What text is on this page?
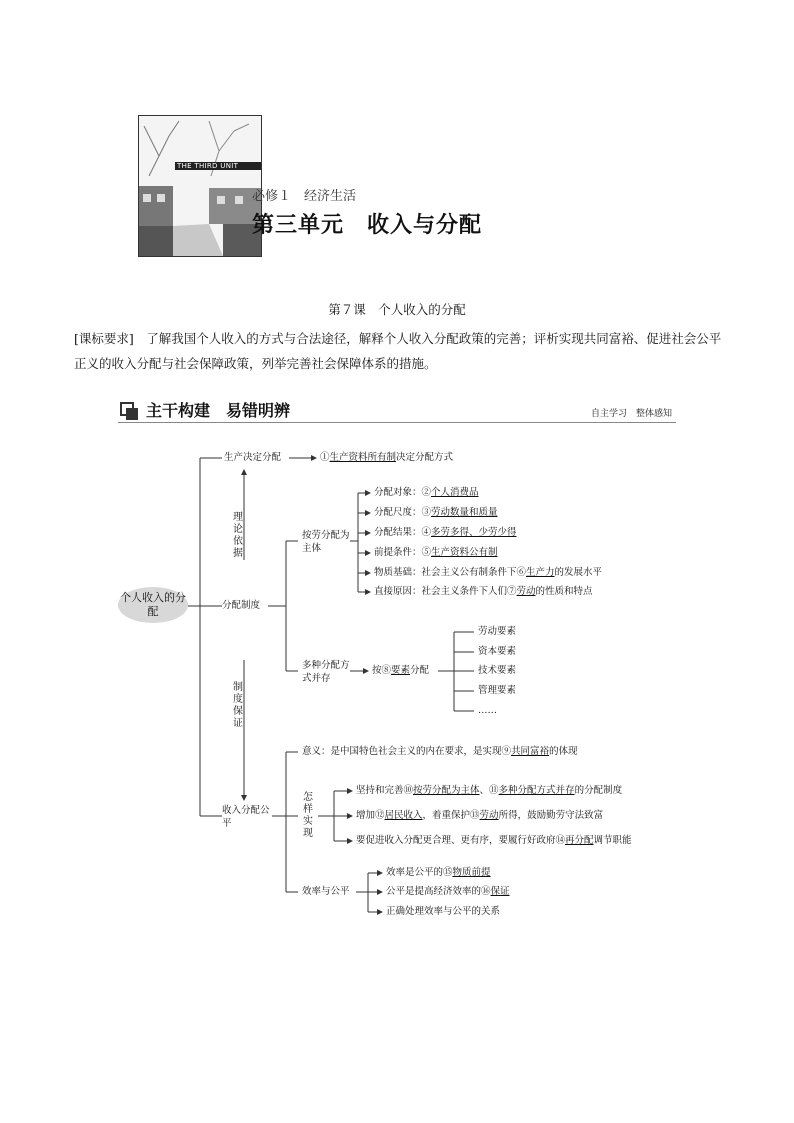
THE THIRD UNIT
必修１　经济生活
第三单元　收入与分配
第７课　个人收入的分配
[课标要求]　 了解我国个人收入的方式与合法途径，解释个人收入分配政策的完善；评析实现共同富裕、促进社会公平正义的收入分配与社会保障政策，列举完善社会保障体系的措施。
主干构建　易错明辨	自主学习　整体感知
个人收入的分配
生产决定分配	①生产资料所有制决定分配方式
理论依据
制度保证
分配制度
按劳分配为主体
分配对象：②个人消费品
分配尺度：③劳动数量和质量
分配结果：④多劳多得、少劳少得
前提条件：⑤生产资料公有制
物质基础：社会主义公有制条件下⑥生产力的发展水平
直接原因：社会主义条件下人们⑦劳动的性质和特点
多种分配方式并存
按⑧要素分配
劳动要素
资本要素
技术要素
管理要素
……
收入分配公平
意义：是中国特色社会主义的内在要求，是实现⑨共同富裕的体现
怎样实现
坚持和完善⑩按劳分配为主体、⑪多种分配方式并存的分配制度
增加⑫居民收入，着重保护⑬劳动所得，鼓励勤劳守法致富
要促进收入分配更合理、更有序，要履行好政府⑭再分配调节职能
效率与公平
效率是公平的⑮物质前提
公平是提高经济效率的⑯保证
正确处理效率与公平的关系
